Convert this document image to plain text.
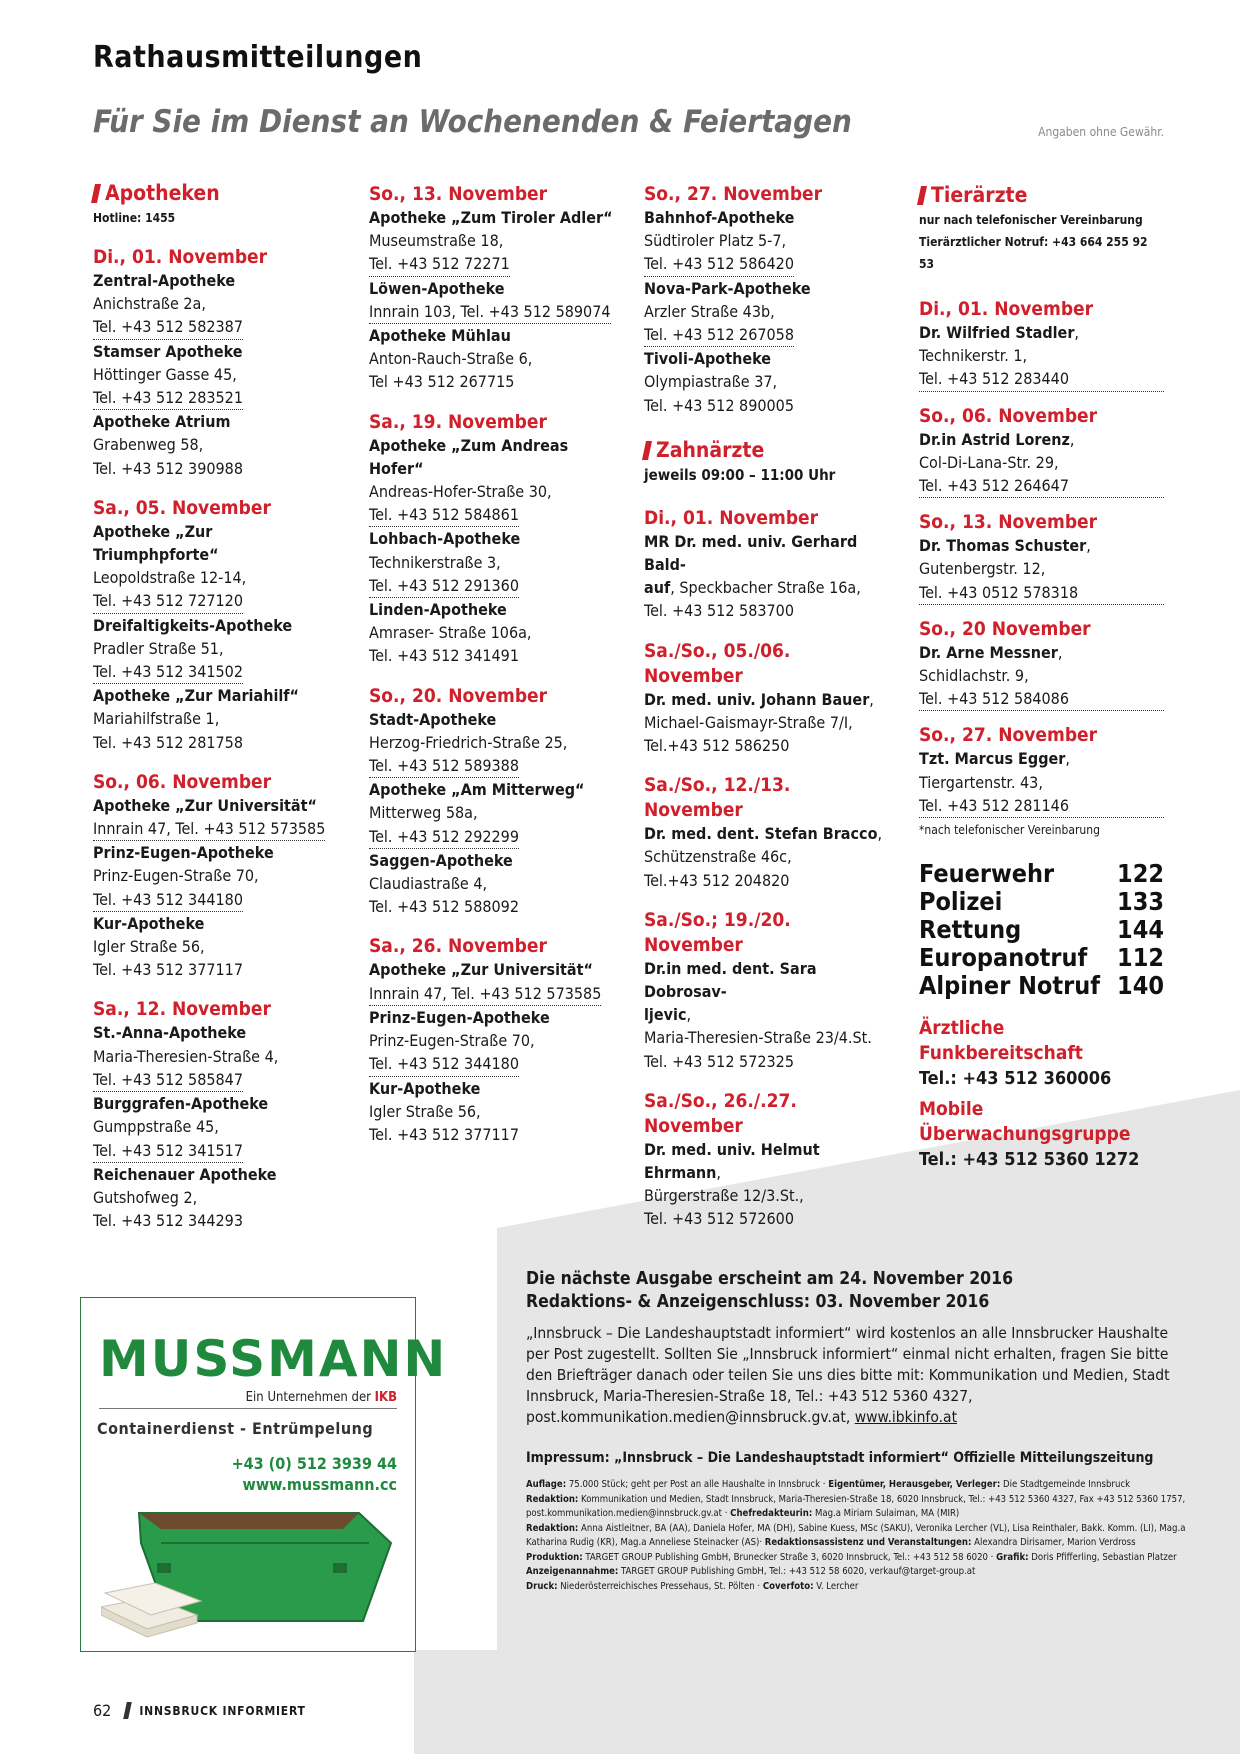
Rathausmitteilungen
Für Sie im Dienst an Wochenenden & Feiertagen	Angaben ohne Gewähr.
Apotheken
Hotline: 1455
Di., 01. November
Zentral-Apotheke
Anichstraße 2a,
Tel. +43 512 582387
Stamser Apotheke
Höttinger Gasse 45,
Tel. +43 512 283521
Apotheke Atrium
Grabenweg 58,
Tel. +43 512 390988
Sa., 05. November
Apotheke „Zur Triumphpforte“
Leopoldstraße 12-14,
Tel. +43 512 727120
Dreifaltigkeits-Apotheke
Pradler Straße 51,
Tel. +43 512 341502
Apotheke „Zur Mariahilf“
Mariahilfstraße 1,
Tel. +43 512 281758
So., 06. November
Apotheke „Zur Universität“
Innrain 47, Tel. +43 512 573585
Prinz-Eugen-Apotheke
Prinz-Eugen-Straße 70,
Tel. +43 512 344180
Kur-Apotheke
Igler Straße 56,
Tel. +43 512 377117
Sa., 12. November
St.-Anna-Apotheke
Maria-Theresien-Straße 4,
Tel. +43 512 585847
Burggrafen-Apotheke
Gumppstraße 45,
Tel. +43 512 341517
Reichenauer Apotheke
Gutshofweg 2,
Tel. +43 512 344293
So., 13. November
Apotheke „Zum Tiroler Adler“
Museumstraße 18,
Tel. +43 512 72271
Löwen-Apotheke
Innrain 103, Tel. +43 512 589074
Apotheke Mühlau
Anton-Rauch-Straße 6,
Tel +43 512 267715
Sa., 19. November
Apotheke „Zum Andreas Hofer“
Andreas-Hofer-Straße 30,
Tel. +43 512 584861
Lohbach-Apotheke
Technikerstraße 3,
Tel. +43 512 291360
Linden-Apotheke
Amraser- Straße 106a,
Tel. +43 512 341491
So., 20. November
Stadt-Apotheke
Herzog-Friedrich-Straße 25,
Tel. +43 512 589388
Apotheke „Am Mitterweg“
Mitterweg 58a,
Tel. +43 512 292299
Saggen-Apotheke
Claudiastraße 4,
Tel. +43 512 588092
Sa., 26. November
Apotheke „Zur Universität“
Innrain 47, Tel. +43 512 573585
Prinz-Eugen-Apotheke
Prinz-Eugen-Straße 70,
Tel. +43 512 344180
Kur-Apotheke
Igler Straße 56,
Tel. +43 512 377117
So., 27. November
Bahnhof-Apotheke
Südtiroler Platz 5-7,
Tel. +43 512 586420
Nova-Park-Apotheke
Arzler Straße 43b,
Tel. +43 512 267058
Tivoli-Apotheke
Olympiastraße 37,
Tel. +43 512 890005
Zahnärzte
jeweils 09:00 – 11:00 Uhr
Di., 01. November
MR Dr. med. univ. Gerhard Bald-
auf, Speckbacher Straße 16a,
Tel. +43 512 583700
Sa./So., 05./06. November
Dr. med. univ. Johann Bauer,
Michael-Gaismayr-Straße 7/I,
Tel.+43 512 586250
Sa./So., 12./13. November
Dr. med. dent. Stefan Bracco,
Schützenstraße 46c,
Tel.+43 512 204820
Sa./So.; 19./20. November
Dr.in med. dent. Sara Dobrosav-
ljevic,
Maria-Theresien-Straße 23/4.St.
Tel. +43 512 572325
Sa./So., 26./.27. November
Dr. med. univ. Helmut Ehrmann,
Bürgerstraße 12/3.St.,
Tel. +43 512 572600
Tierärzte
nur nach telefonischer Vereinbarung
Tierärztlicher Notruf: +43 664 255 92 53
Di., 01. November
Dr. Wilfried Stadler,
Technikerstr. 1,
Tel. +43 512 283440
So., 06. November
Dr.in Astrid Lorenz,
Col-Di-Lana-Str. 29,
Tel. +43 512 264647
So., 13. November
Dr. Thomas Schuster,
Gutenbergstr. 12,
Tel. +43 0512 578318
So., 20 November
Dr. Arne Messner,
Schidlachstr. 9,
Tel. +43 512 584086
So., 27. November
Tzt. Marcus Egger,
Tiergartenstr. 43,
Tel. +43 512 281146
*nach telefonischer Vereinbarung
Feuerwehr	122
Polizei	133
Rettung	144
Europanotruf 112
Alpiner Notruf 140
Ärztliche Funkbereitschaft
Tel.: +43 512 360006
Mobile Überwachungsgruppe
Tel.: +43 512 5360 1272
MUSSMANN
Ein Unternehmen der IKB
Containerdienst - Entrümpelung
+43 (0) 512 3939 44
www.mussmann.cc
Die nächste Ausgabe erscheint am 24. November 2016
Redaktions- & Anzeigenschluss: 03. November 2016
„Innsbruck – Die Landeshauptstadt informiert“ wird kostenlos an alle Innsbrucker Haushalte per Post zugestellt. Sollten Sie „Innsbruck informiert“ einmal nicht erhalten, fragen Sie bitte den Briefträger danach oder teilen Sie uns dies bitte mit: Kommunikation und Medien, Stadt Innsbruck, Maria-Theresien-Straße 18, Tel.: +43 512 5360 4327, post.kommunikation.medien@innsbruck.gv.at, www.ibkinfo.at
Impressum: „Innsbruck – Die Landeshauptstadt informiert“ Offizielle Mitteilungszeitung
Auflage: 75.000 Stück; geht per Post an alle Haushalte in Innsbruck · Eigentümer, Herausgeber, Verleger: Die Stadtgemeinde Innsbruck
Redaktion: Kommunikation und Medien, Stadt Innsbruck, Maria-Theresien-Straße 18, 6020 Innsbruck, Tel.: +43 512 5360 4327, Fax +43 512 5360 1757, post.kommunikation.medien@innsbruck.gv.at · Chefredakteurin: Mag.a Miriam Sulaiman, MA (MIR)
Redaktion: Anna Aistleitner, BA (AA), Daniela Hofer, MA (DH), Sabine Kuess, MSc (SAKU), Veronika Lercher (VL), Lisa Reinthaler, Bakk. Komm. (LI), Mag.a Katharina Rudig (KR), Mag.a Anneliese Steinacker (AS)· Redaktionsassistenz und Veranstaltungen: Alexandra Dirisamer, Marion Verdross
Produktion: TARGET GROUP Publishing GmbH, Brunecker Straße 3, 6020 Innsbruck, Tel.: +43 512 58 6020 · Grafik: Doris Pfifferling, Sebastian Platzer
Anzeigenannahme: TARGET GROUP Publishing GmbH, Tel.: +43 512 58 6020, verkauf@target-group.at
Druck: Niederösterreichisches Pressehaus, St. Pölten · Coverfoto: V. Lercher
62 INNSBRUCK INFORMIERT
